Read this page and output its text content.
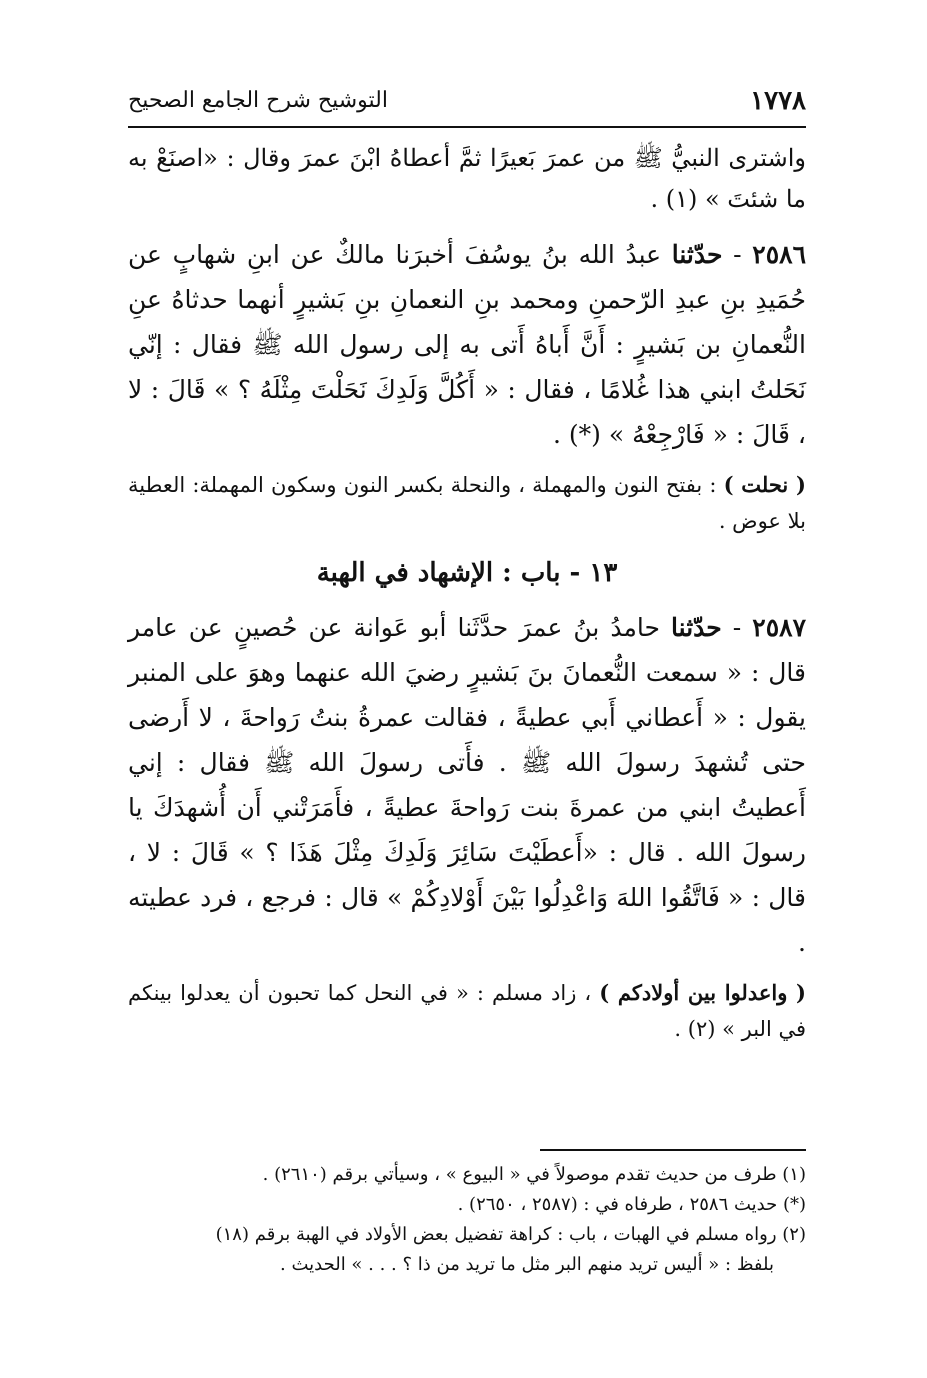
١٧٧٨
التوشيح شرح الجامع الصحيح

واشترى النبيُّ ﷺ من عمرَ بَعيرًا ثمَّ أعطاهُ ابْنَ عمرَ وقال : «اصنَعْ به ما شئتَ » (١) .

٢٥٨٦ - حدّثنا عبدُ الله بنُ يوسُفَ أخبرَنا مالكٌ عن ابنِ شهابٍ عن حُمَيدِ بنِ عبدِ الرّحمنِ ومحمد بنِ النعمانِ بنِ بَشيرٍ أنهما حدثاهُ عنِ النُّعمانِ بن بَشيرٍ : أَنَّ أَباهُ أَتى به إلى رسول الله ﷺ فقال : إنّي نَحَلتُ ابني هذا غُلامًا ، فقال : « أَكُلَّ وَلَدِكَ نَحَلْتَ مِثْلَهُ ؟ » قَالَ : لا ، قَالَ : « فَارْجِعْهُ » (*) .

( نحلت ) : بفتح النون والمهملة ، والنحلة بكسر النون وسكون المهملة: العطية بلا عوض .

١٣ - باب : الإشهاد في الهبة

٢٥٨٧ - حدّثنا حامدُ بنُ عمرَ حدَّثَنا أبو عَوانة عن حُصينٍ عن عامر قال : « سمعت النُّعمانَ بنَ بَشيرٍ رضيَ الله عنهما وهوَ على المنبر يقول : « أَعطاني أَبي عطيةً ، فقالت عمرةُ بنتُ رَواحةَ ، لا أَرضى حتى تُشهدَ رسولَ الله ﷺ . فأَتى رسولَ الله ﷺ فقال : إني أَعطيتُ ابني من عمرةَ بنت رَواحةَ عطيةً ، فأَمَرَتْني أَن أُشهدَكَ يا رسولَ الله . قال : «أَعطَيْتَ سَائِرَ وَلَدِكَ مِثْلَ هَذَا ؟ » قَالَ : لا ، قال : « فَاتَّقُوا اللهَ وَاعْدِلُوا بَيْنَ أَوْلادِكُمْ » قال : فرجع ، فرد عطيته .

( واعدلوا بين أولادكم ) ، زاد مسلم : « في النحل كما تحبون أن يعدلوا بينكم في البر » (٢) .

(١) طرف من حديث تقدم موصولاً في « البيوع » ، وسيأتي برقم (٢٦١٠) .

(*) حديث ٢٥٨٦ ، طرفاه في : (٢٥٨٧ ، ٢٦٥٠) .

(٢) رواه مسلم في الهبات ، باب : كراهة تفضيل بعض الأولاد في الهبة برقم (١٨)

بلفظ : « أليس تريد منهم البر مثل ما تريد من ذا ؟ . . . » الحديث .
